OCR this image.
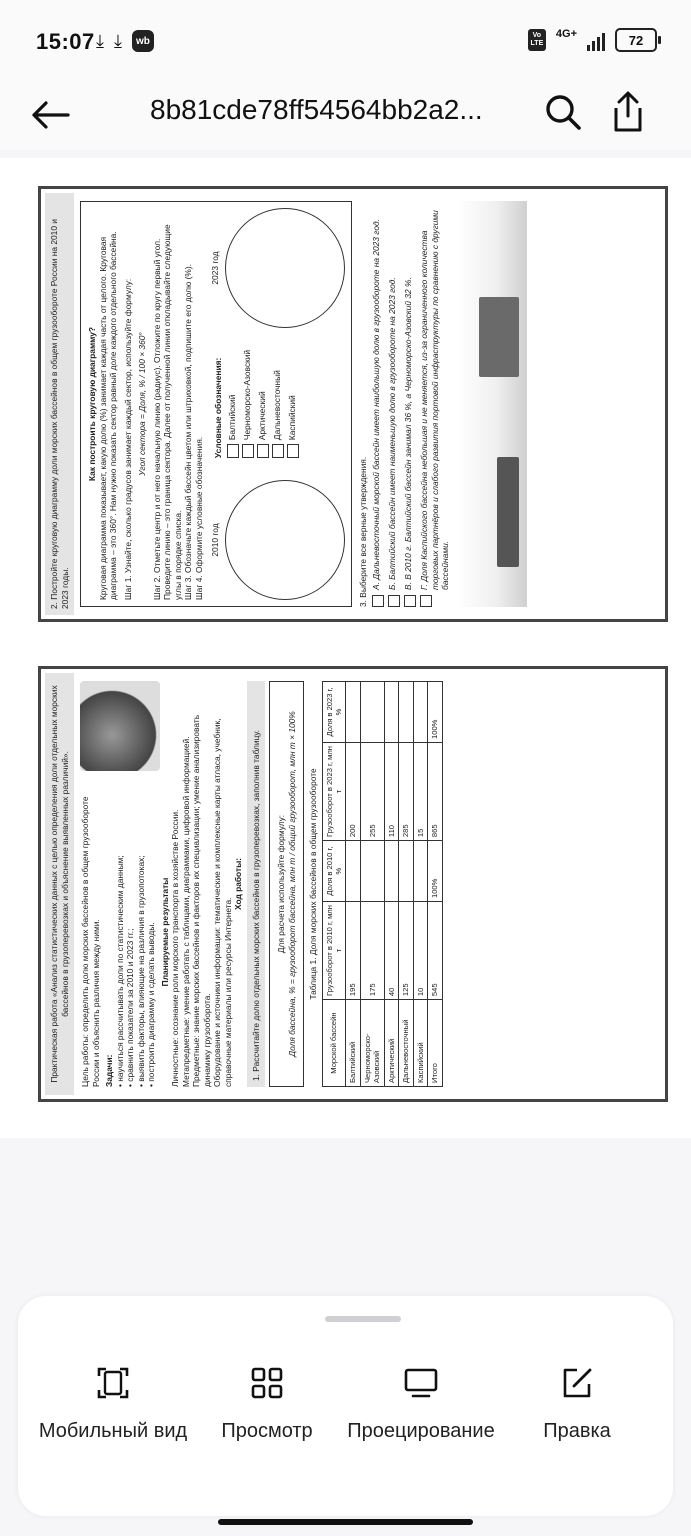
15:07 ⤓ ⤓	wb	Vo
LTE
4G+	72
8b81cde78ff54564bb2a2...
2. Постройте круговую диаграмму доли морских бассейнов в общем грузообороте России на 2010 и 2023 годы.
Как построить круговую диаграмму? Круговая диаграмма показывает, какую долю (%) занимает каждая часть от целого. Круговая диаграмма – это 360°. Нам нужно показать сектор равный доле каждого отдельного бассейна. Шаг 1. Узнайте, сколько градусов занимает каждый сектор, используйте формулу: Угол сектора = Доля, % / 100 × 360° Шаг 2. Отметьте центр и от него начальную линию (радиус). Отложите по кругу первый угол. Проведите линию – это граница сектора. Далее от полученной линии откладывайте следующие углы в порядке списка. Шаг 3. Обозначьте каждый бассейн цветом или штриховкой, подпишите его долю (%). Шаг 4. Оформите условные обозначения. 2010 год
Условные обозначения: Балтийский Черноморско-Азовский Арктический Дальневосточный Каспийский
2023 год
3. Выберите все верные утверждения. А. Дальневосточный морской бассейн имеет наибольшую долю в грузообороте на 2023 год. Б. Балтийский бассейн имеет наименьшую долю в грузообороте на 2023 год. В. В 2010 г. Балтийский бассейн занимал 36 %, а Черноморско-Азовский 32 %. Г. Доля Каспийского бассейна небольшая и не меняется, из-за ограниченного количества торговых партнёров и слабого развития портовой инфраструктуры по сравнению с другими бассейнами.
Практическая работа «Анализ статистических данных с целью определения доли отдельных морских бассейнов в грузоперевозках и объяснение выявленных различий».	Цель работы: определить долю морских бассейнов в общем грузообороте России и объяснить различия между ними. Задачи: • научиться рассчитывать доли по статистическим данным;
• сравнить показатели за 2010 и 2023 гг.;
• выявить факторы, влияющие на различия в грузопотоках;
• построить диаграмму и сделать выводы. Планируемые результаты Личностные: осознание роли морского транспорта в хозяйстве России. Метапредметные: умение работать с таблицами, диаграммами, цифровой информацией. Предметные: знание морских бассейнов и факторов их специализации; умение анализировать динамику грузооборота. Оборудование и источники информации: тематические и комплексные карты атласа, учебник, справочные материалы или ресурсы Интернета.
Ход работы: 1. Рассчитайте долю отдельных морских бассейнов в грузоперевозках, заполнив таблицу.	Для расчета используйте формулу: Доля бассейна, % = грузооборот бассейна, млн т / общий грузооборот, млн т × 100% Таблица 1. Доля морских бассейнов в общем грузообороте
Морской бассейн	Грузооборот в 2010 г, млн т	Доля в 2010 г, %	Грузооборот в 2023 г, млн т	Доля в 2023 г, %
Балтийский	195		200	
Черноморско-Азовский	175		255	
Арктический	40		110	
Дальневосточный	125		285	
Каспийский	10		15	
Итого	545	100%	865	100%
Мобильный вид	Просмотр	Проецирование	Правка
